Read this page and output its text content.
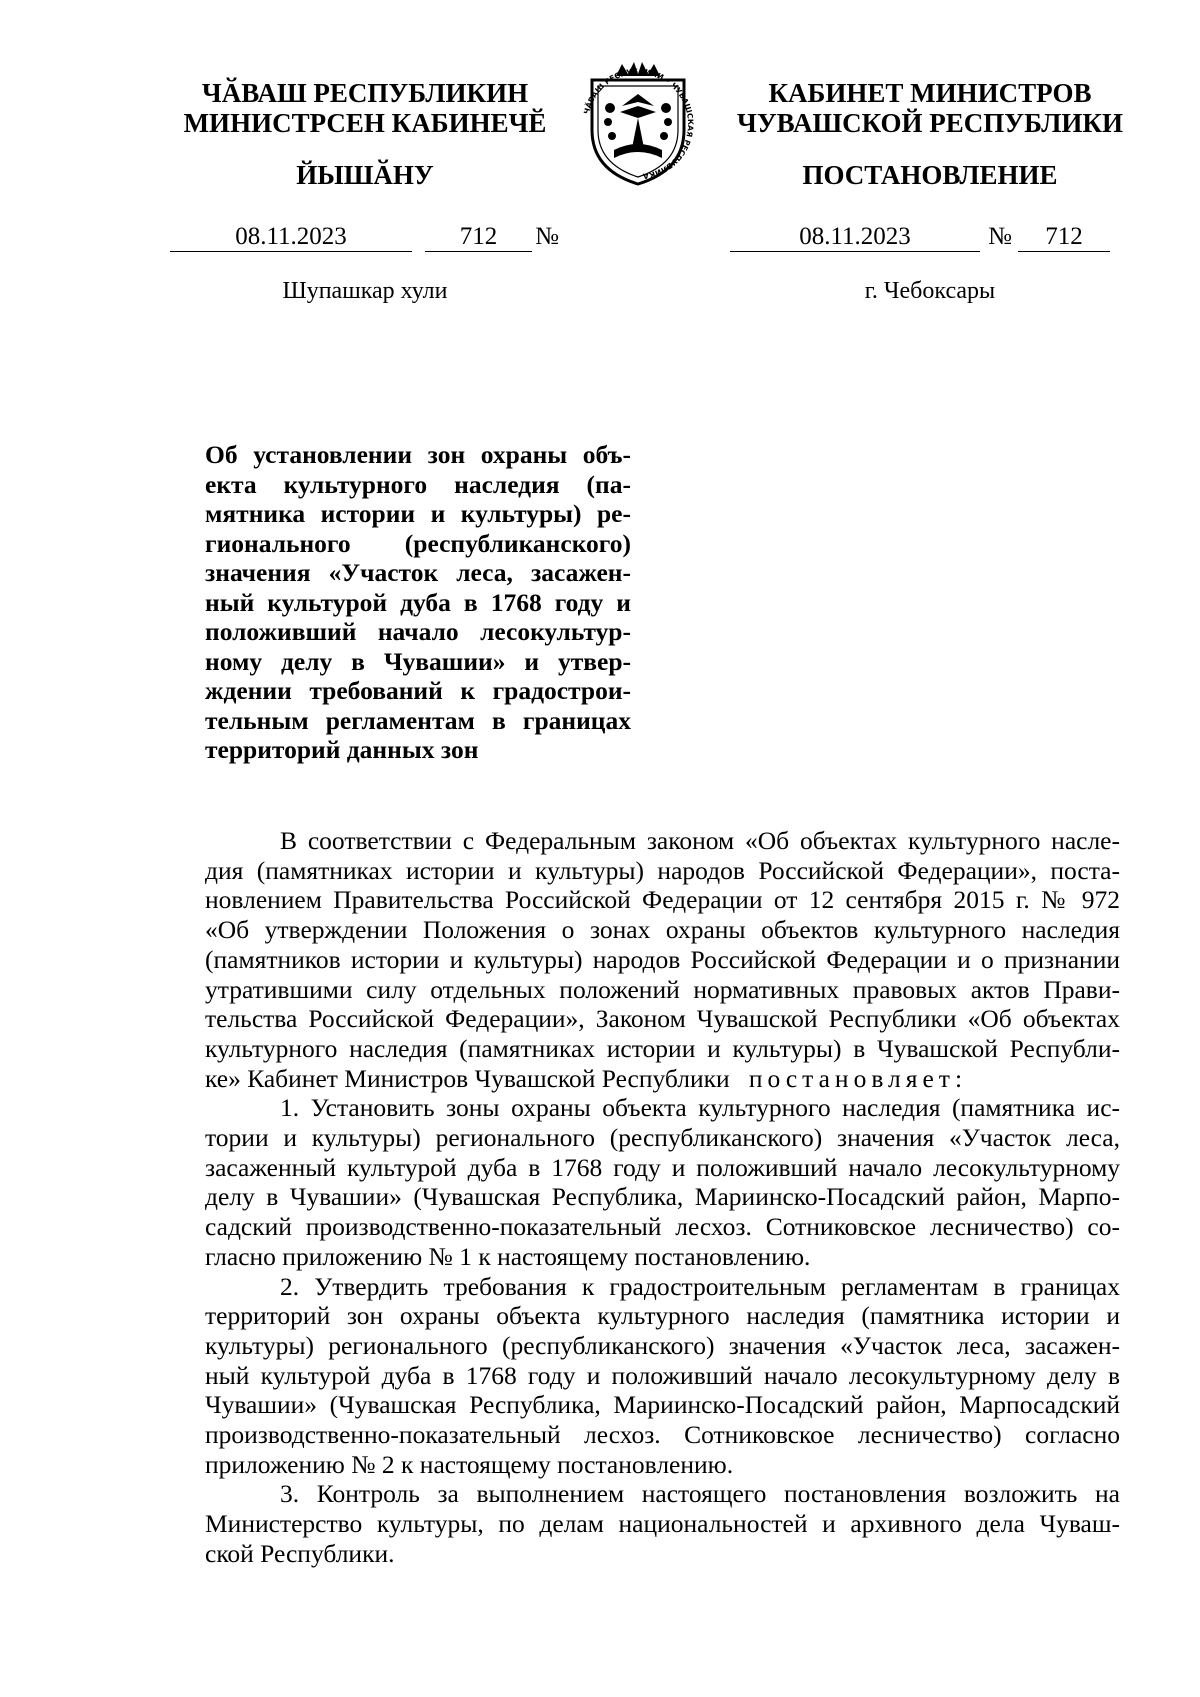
ЧӐВАШ РЕСПУБЛИКИН
МИНИСТРСЕН КАБИНЕЧӖ
ЙЫШӐНУ
КАБИНЕТ МИНИСТРОВ
ЧУВАШСКОЙ РЕСПУБЛИКИ
ПОСТАНОВЛЕНИЕ
ЧӐВАШ РЕСПУБЛИКИ • ЧУВАШСКАЯ РЕСПУБЛИКА
08.11.2023	712	№	08.11.2023	№	712
Шупашкар хули	г. Чебоксары
Об установлении зон охраны объ-
екта культурного наследия (па-
мятника истории и культуры) ре-
гионального (республиканского)
значения «Участок леса, засажен-
ный культурой дуба в 1768 году и
положивший начало лесокультур-
ному делу в Чувашии» и утвер-
ждении требований к градострои-
тельным регламентам в границах
территорий данных зон
В соответствии с Федеральным законом «Об объектах культурного насле-
дия (памятниках истории и культуры) народов Российской Федерации», поста-
новлением Правительства Российской Федерации от 12 сентября 2015 г. № 972
«Об утверждении Положения о зонах охраны объектов культурного наследия
(памятников истории и культуры) народов Российской Федерации и о признании
утратившими силу отдельных положений нормативных правовых актов Прави-
тельства Российской Федерации», Законом Чувашской Республики «Об объектах
культурного наследия (памятниках истории и культуры) в Чувашской Республи-
ке» Кабинет Министров Чувашской Республики постановляет:
1. Установить зоны охраны объекта культурного наследия (памятника ис-
тории и культуры) регионального (республиканского) значения «Участок леса,
засаженный культурой дуба в 1768 году и положивший начало лесокультурному
делу в Чувашии» (Чувашская Республика, Мариинско-Посадский район, Марпо-
садский производственно-показательный лесхоз. Сотниковское лесничество) со-
гласно приложению № 1 к настоящему постановлению.
2. Утвердить требования к градостроительным регламентам в границах
территорий зон охраны объекта культурного наследия (памятника истории и
культуры) регионального (республиканского) значения «Участок леса, засажен-
ный культурой дуба в 1768 году и положивший начало лесокультурному делу в
Чувашии» (Чувашская Республика, Мариинско-Посадский район, Марпосадский
производственно-показательный лесхоз. Сотниковское лесничество) согласно
приложению № 2 к настоящему постановлению.
3. Контроль за выполнением настоящего постановления возложить на
Министерство культуры, по делам национальностей и архивного дела Чуваш-
ской Республики.
